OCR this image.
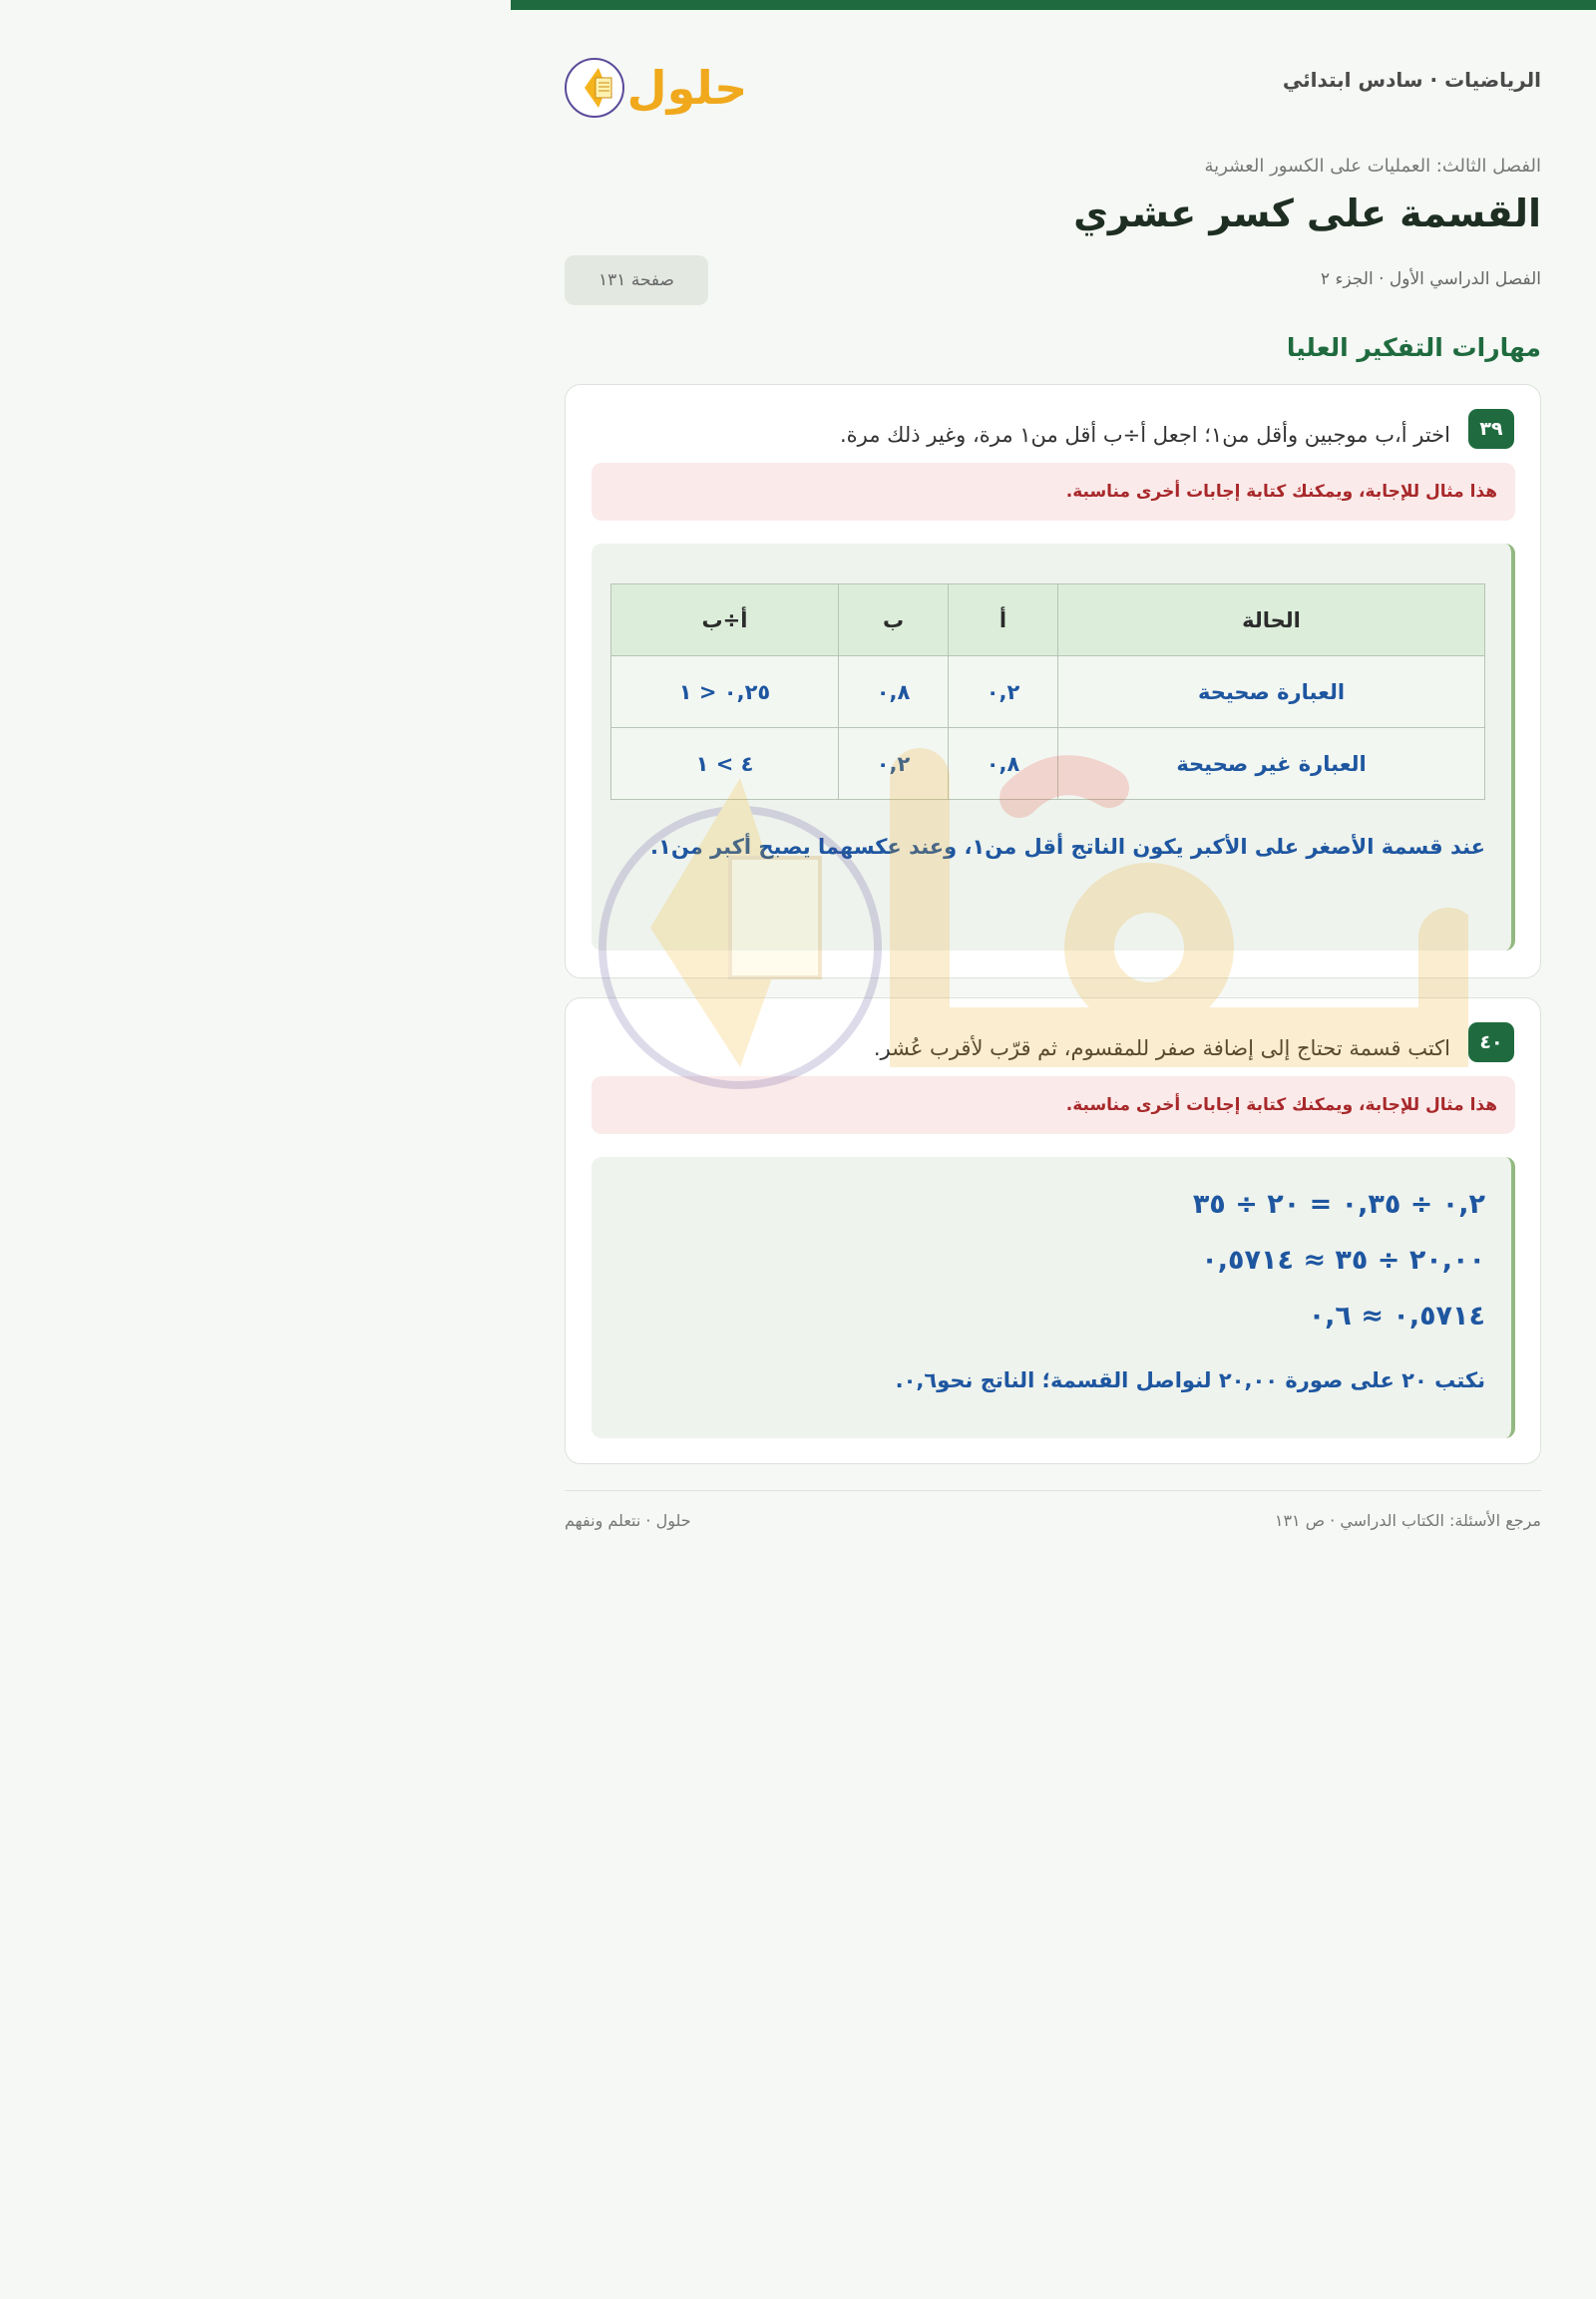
الرياضيات · سادس ابتدائي
حلول
الفصل الثالث: العمليات على الكسور العشرية
القسمة على كسر عشري
الفصل الدراسي الأول · الجزء ٢
صفحة ١٣١
مهارات التفكير العليا
٣٩
اختر أ،ب موجبين وأقل من١؛ اجعل أ÷ب أقل من١ مرة، وغير ذلك مرة.
هذا مثال للإجابة، ويمكنك كتابة إجابات أخرى مناسبة.
الحالة	أ	ب	أ÷ب
العبارة صحيحة	٠,٢	٠,٨	٠,٢٥ < ١
العبارة غير صحيحة	٠,٨	٠,٢	٤ > ١
عند قسمة الأصغر على الأكبر يكون الناتج أقل من١، وعند عكسهما يصبح أكبر من١.
٤٠
اكتب قسمة تحتاج إلى إضافة صفر للمقسوم، ثم قرّب لأقرب عُشر.
هذا مثال للإجابة، ويمكنك كتابة إجابات أخرى مناسبة.
٠,٢ ÷ ٠,٣٥ = ٢٠ ÷ ٣٥
٢٠,٠٠ ÷ ٣٥ ≈ ٠,٥٧١٤
٠,٥٧١٤ ≈ ٠,٦
نكتب ٢٠ على صورة ٢٠,٠٠ لنواصل القسمة؛ الناتج نحو٠,٦.
مرجع الأسئلة: الكتاب الدراسي · ص ١٣١
حلول · نتعلم ونفهم
